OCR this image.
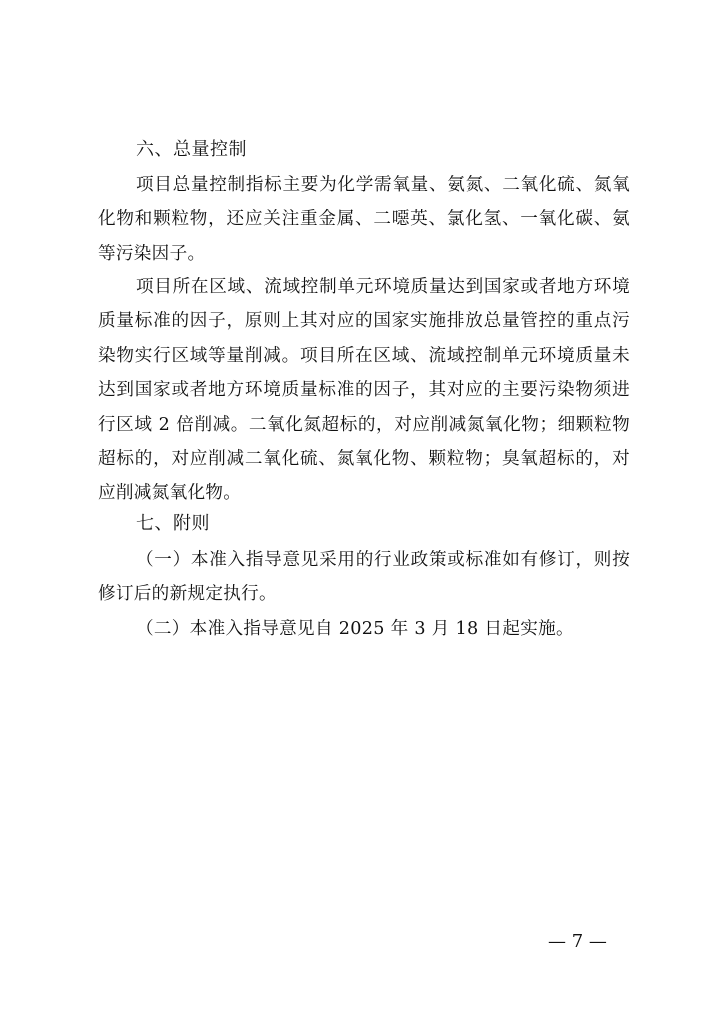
六、总量控制

项目总量控制指标主要为化学需氧量、氨氮、二氧化硫、氮氧化物和颗粒物，还应关注重金属、二噁英、氯化氢、一氧化碳、氨等污染因子。

项目所在区域、流域控制单元环境质量达到国家或者地方环境质量标准的因子，原则上其对应的国家实施排放总量管控的重点污染物实行区域等量削减。项目所在区域、流域控制单元环境质量未达到国家或者地方环境质量标准的因子，其对应的主要污染物须进行区域 2 倍削减。二氧化氮超标的，对应削减氮氧化物；细颗粒物超标的，对应削减二氧化硫、氮氧化物、颗粒物；臭氧超标的，对应削减氮氧化物。

七、附则

（一）本准入指导意见采用的行业政策或标准如有修订，则按修订后的新规定执行。

（二）本准入指导意见自 2025 年 3 月 18 日起实施。

— 7 —
